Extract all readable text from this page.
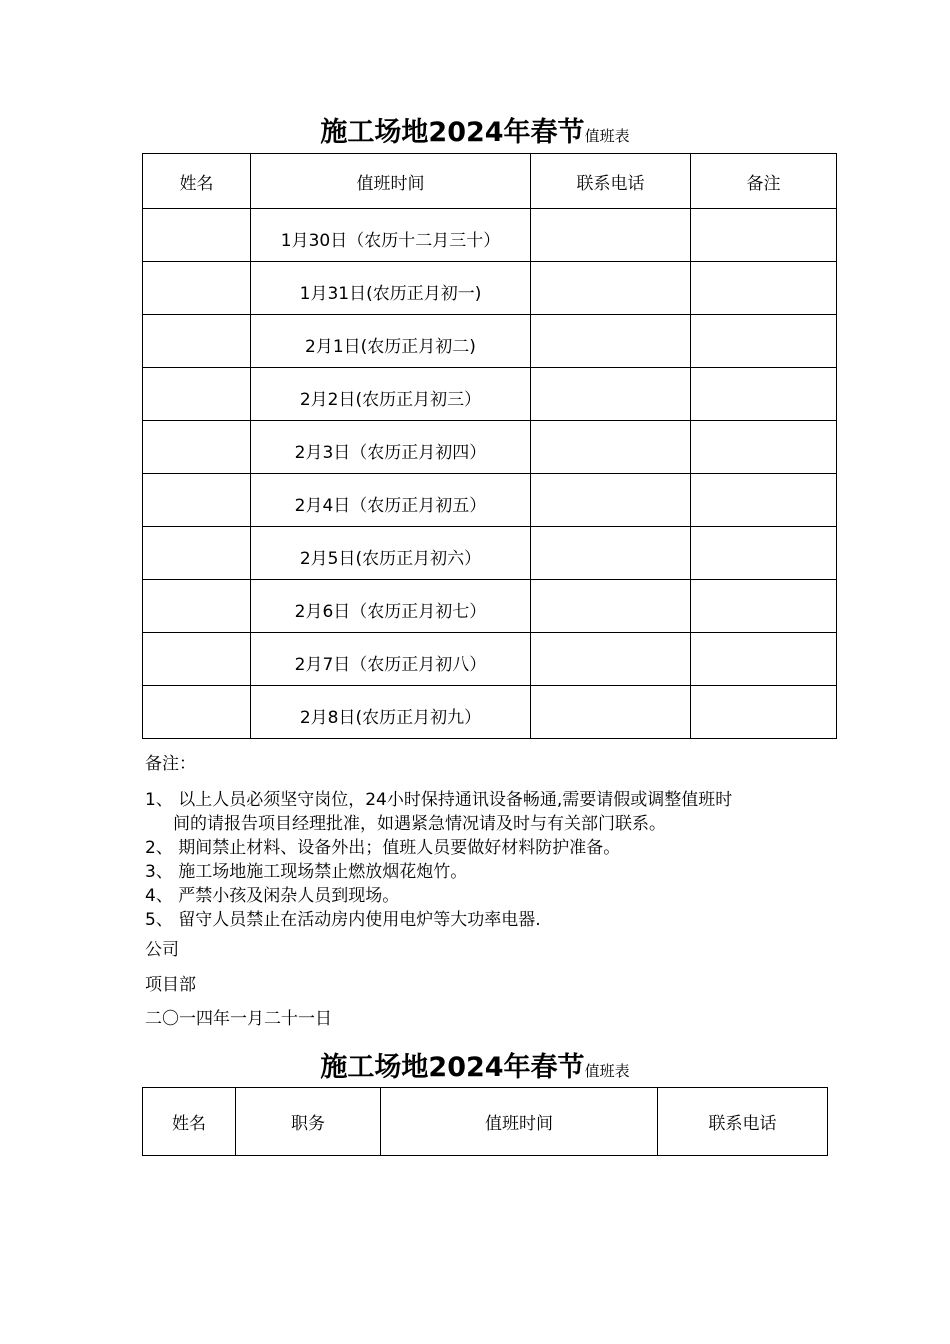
施工场地2024年春节值班表
姓名	值班时间	联系电话	备注
	1月30日（农历十二月三十）		
	1月31日(农历正月初一)		
	2月1日(农历正月初二)		
	2月2日(农历正月初三）		
	2月3日（农历正月初四）		
	2月4日（农历正月初五）		
	2月5日(农历正月初六）		
	2月6日（农历正月初七）		
	2月7日（农历正月初八）		
	2月8日(农历正月初九）		
备注：
1、 以上人员必须坚守岗位，24小时保持通讯设备畅通,需要请假或调整值班时
间的请报告项目经理批准，如遇紧急情况请及时与有关部门联系。
2、 期间禁止材料、设备外出；值班人员要做好材料防护准备。
3、 施工场地施工现场禁止燃放烟花炮竹。
4、 严禁小孩及闲杂人员到现场。
5、 留守人员禁止在活动房内使用电炉等大功率电器.
公司
项目部
二〇一四年一月二十一日
施工场地2024年春节值班表
姓名	职务	值班时间	联系电话
